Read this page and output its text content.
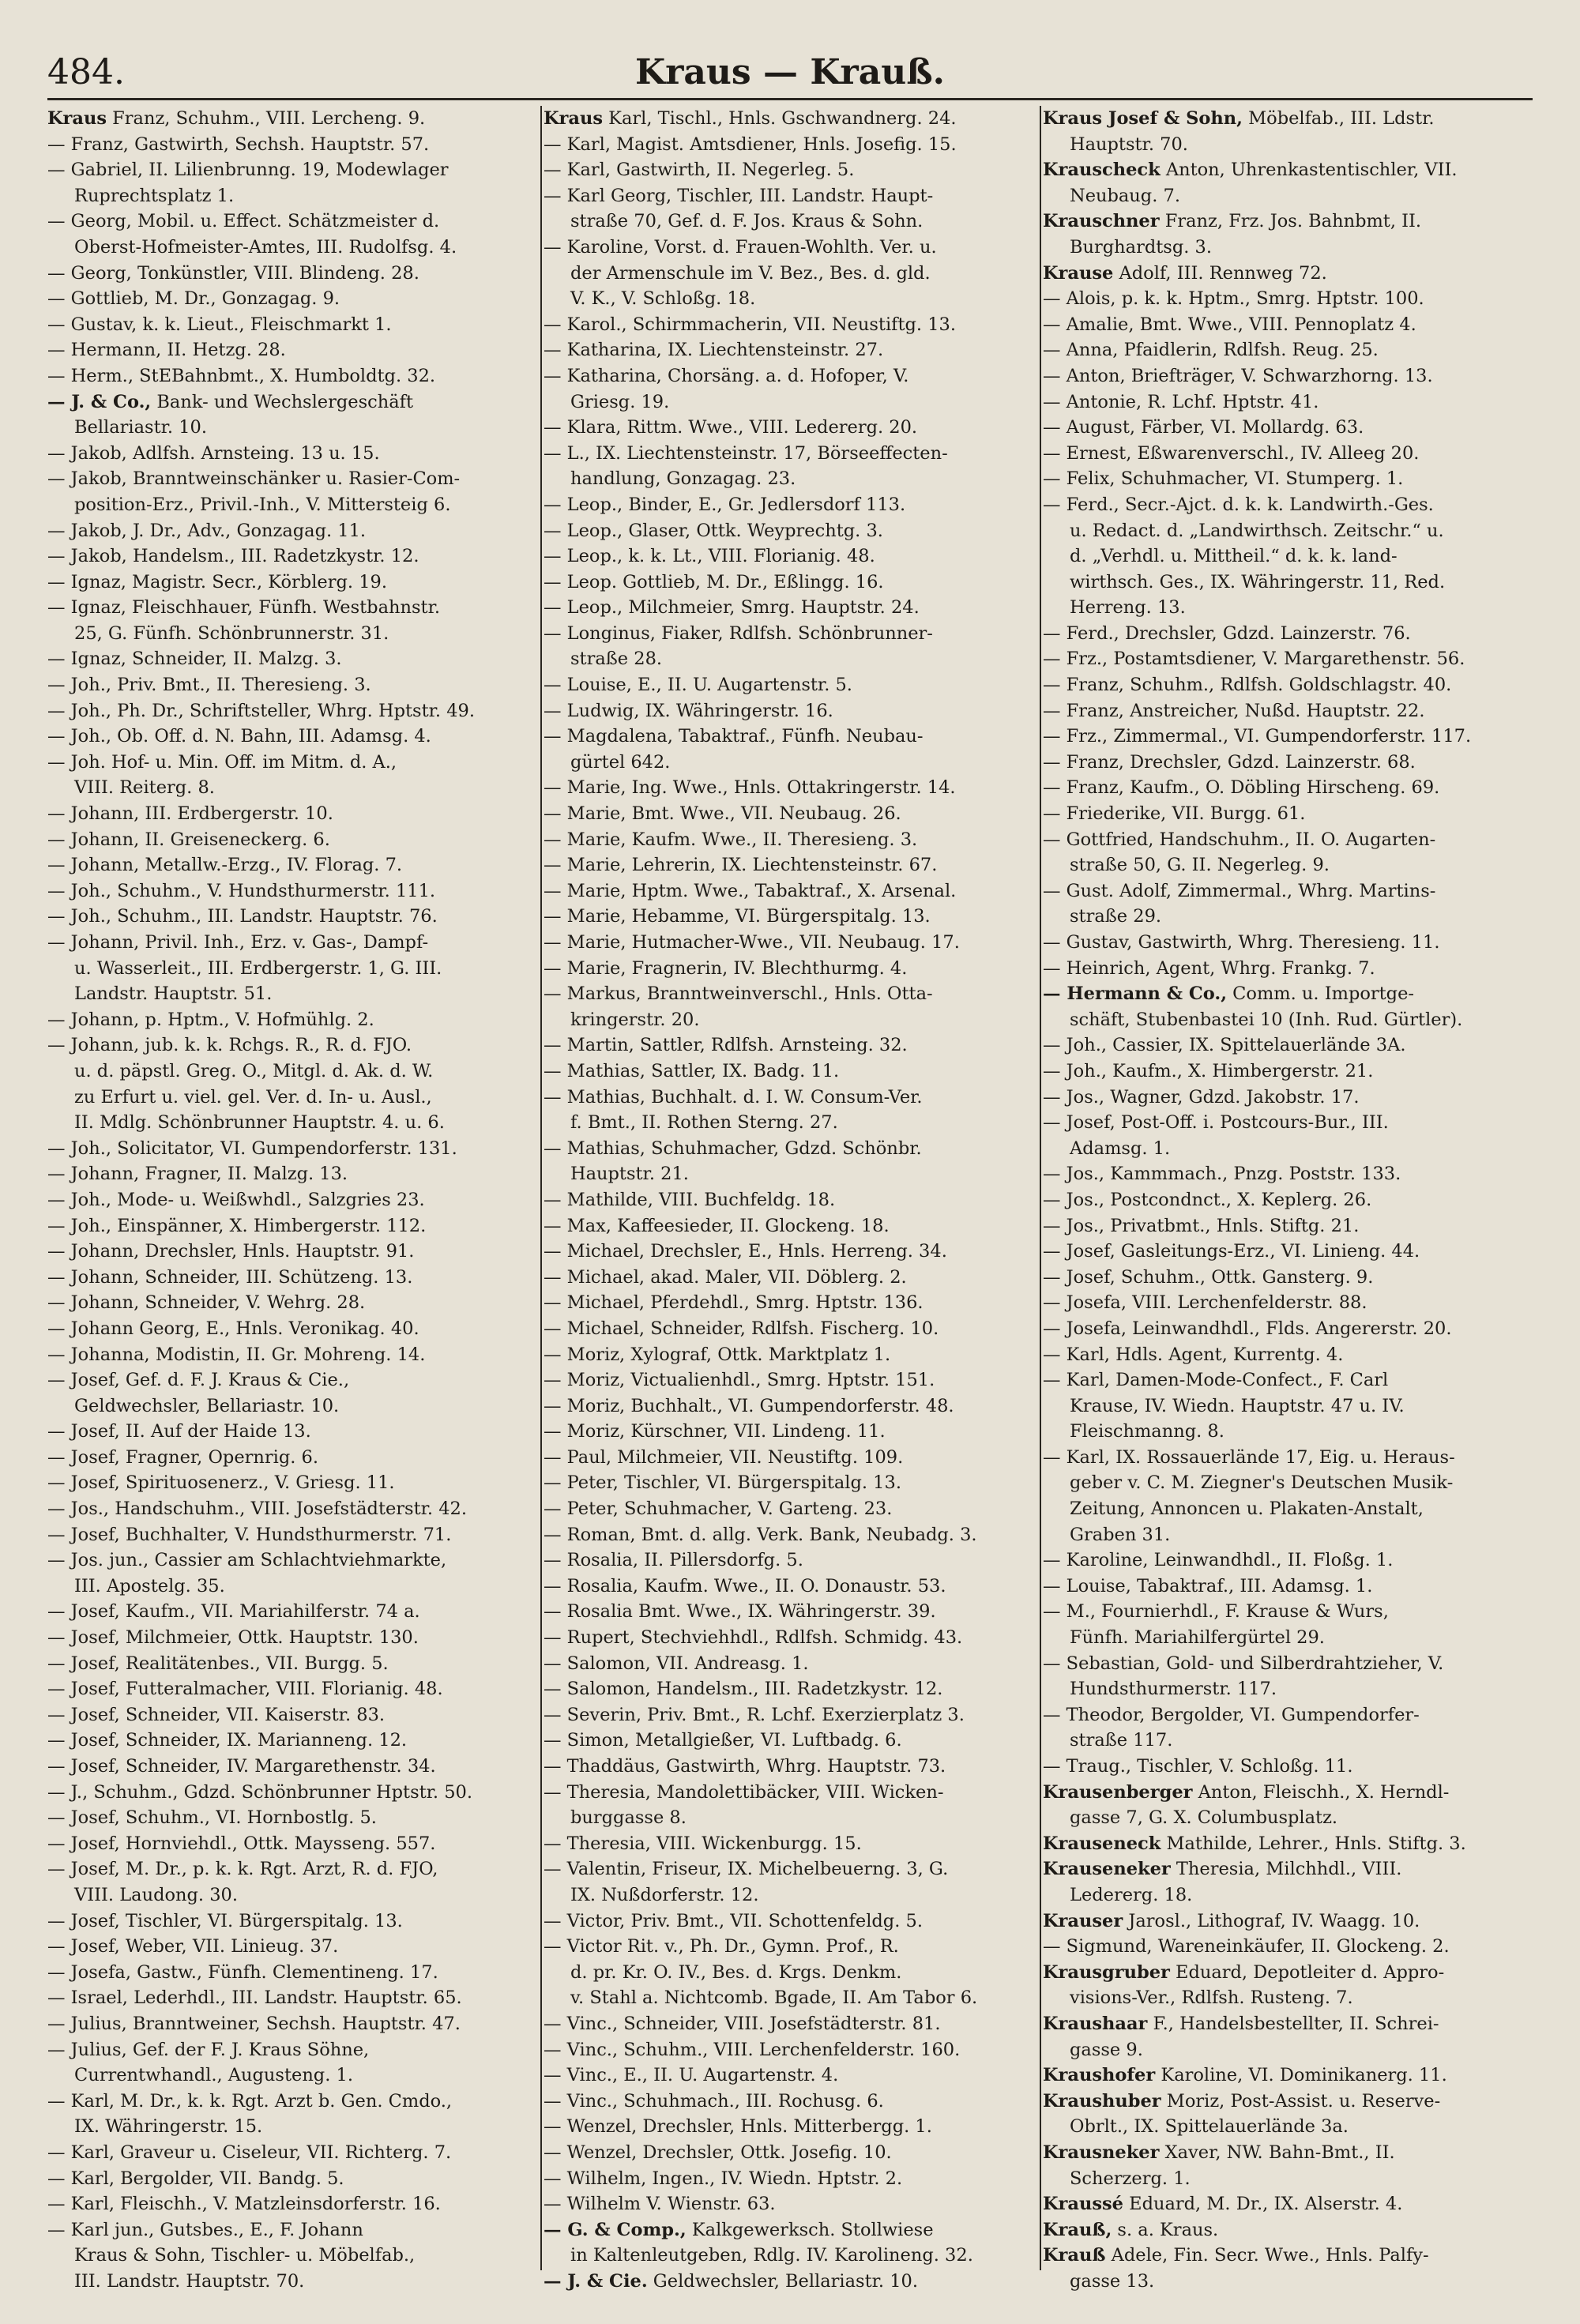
Kraus — Krauß.
484.
Kraus Franz, Schuhm., VIII. Lercheng. 9.
— Franz, Gastwirth, Sechsh. Hauptstr. 57.
— Gabriel, II. Lilienbrunng. 19, Modewlager
Ruprechtsplatz 1.
— Georg, Mobil. u. Effect. Schätzmeister d.
Oberst-Hofmeister-Amtes, III. Rudolfsg. 4.
— Georg, Tonkünstler, VIII. Blindeng. 28.
— Gottlieb, M. Dr., Gonzagag. 9.
— Gustav, k. k. Lieut., Fleischmarkt 1.
— Hermann, II. Hetzg. 28.
— Herm., StEBahnbmt., X. Humboldtg. 32.
— J. & Co., Bank- und Wechslergeschäft
Bellariastr. 10.
— Jakob, Adlfsh. Arnsteing. 13 u. 15.
— Jakob, Branntweinschänker u. Rasier-Com-
position-Erz., Privil.-Inh., V. Mittersteig 6.
— Jakob, J. Dr., Adv., Gonzagag. 11.
— Jakob, Handelsm., III. Radetzkystr. 12.
— Ignaz, Magistr. Secr., Körblerg. 19.
— Ignaz, Fleischhauer, Fünfh. Westbahnstr.
25, G. Fünfh. Schönbrunnerstr. 31.
— Ignaz, Schneider, II. Malzg. 3.
— Joh., Priv. Bmt., II. Theresieng. 3.
— Joh., Ph. Dr., Schriftsteller, Whrg. Hptstr. 49.
— Joh., Ob. Off. d. N. Bahn, III. Adamsg. 4.
— Joh. Hof- u. Min. Off. im Mitm. d. A.,
VIII. Reiterg. 8.
— Johann, III. Erdbergerstr. 10.
— Johann, II. Greiseneckerg. 6.
— Johann, Metallw.-Erzg., IV. Florag. 7.
— Joh., Schuhm., V. Hundsthurmerstr. 111.
— Joh., Schuhm., III. Landstr. Hauptstr. 76.
— Johann, Privil. Inh., Erz. v. Gas-, Dampf-
u. Wasserleit., III. Erdbergerstr. 1, G. III.
Landstr. Hauptstr. 51.
— Johann, p. Hptm., V. Hofmühlg. 2.
— Johann, jub. k. k. Rchgs. R., R. d. FJO.
u. d. päpstl. Greg. O., Mitgl. d. Ak. d. W.
zu Erfurt u. viel. gel. Ver. d. In- u. Ausl.,
II. Mdlg. Schönbrunner Hauptstr. 4. u. 6.
— Joh., Solicitator, VI. Gumpendorferstr. 131.
— Johann, Fragner, II. Malzg. 13.
— Joh., Mode- u. Weißwhdl., Salzgries 23.
— Joh., Einspänner, X. Himbergerstr. 112.
— Johann, Drechsler, Hnls. Hauptstr. 91.
— Johann, Schneider, III. Schützeng. 13.
— Johann, Schneider, V. Wehrg. 28.
— Johann Georg, E., Hnls. Veronikag. 40.
— Johanna, Modistin, II. Gr. Mohreng. 14.
— Josef, Gef. d. F. J. Kraus & Cie.,
Geldwechsler, Bellariastr. 10.
— Josef, II. Auf der Haide 13.
— Josef, Fragner, Opernrig. 6.
— Josef, Spirituosenerz., V. Griesg. 11.
— Jos., Handschuhm., VIII. Josefstädterstr. 42.
— Josef, Buchhalter, V. Hundsthurmerstr. 71.
— Jos. jun., Cassier am Schlachtviehmarkte,
III. Apostelg. 35.
— Josef, Kaufm., VII. Mariahilferstr. 74 a.
— Josef, Milchmeier, Ottk. Hauptstr. 130.
— Josef, Realitätenbes., VII. Burgg. 5.
— Josef, Futteralmacher, VIII. Florianig. 48.
— Josef, Schneider, VII. Kaiserstr. 83.
— Josef, Schneider, IX. Marianneng. 12.
— Josef, Schneider, IV. Margarethenstr. 34.
— J., Schuhm., Gdzd. Schönbrunner Hptstr. 50.
— Josef, Schuhm., VI. Hornbostlg. 5.
— Josef, Hornviehdl., Ottk. Maysseng. 557.
— Josef, M. Dr., p. k. k. Rgt. Arzt, R. d. FJO,
VIII. Laudong. 30.
— Josef, Tischler, VI. Bürgerspitalg. 13.
— Josef, Weber, VII. Linieug. 37.
— Josefa, Gastw., Fünfh. Clementineng. 17.
— Israel, Lederhdl., III. Landstr. Hauptstr. 65.
— Julius, Branntweiner, Sechsh. Hauptstr. 47.
— Julius, Gef. der F. J. Kraus Söhne,
Currentwhandl., Augusteng. 1.
— Karl, M. Dr., k. k. Rgt. Arzt b. Gen. Cmdo.,
IX. Währingerstr. 15.
— Karl, Graveur u. Ciseleur, VII. Richterg. 7.
— Karl, Bergolder, VII. Bandg. 5.
— Karl, Fleischh., V. Matzleinsdorferstr. 16.
— Karl jun., Gutsbes., E., F. Johann
Kraus & Sohn, Tischler- u. Möbelfab.,
III. Landstr. Hauptstr. 70.
Kraus Karl, Tischl., Hnls. Gschwandnerg. 24.
— Karl, Magist. Amtsdiener, Hnls. Josefig. 15.
— Karl, Gastwirth, II. Negerleg. 5.
— Karl Georg, Tischler, III. Landstr. Haupt-
straße 70, Gef. d. F. Jos. Kraus & Sohn.
— Karoline, Vorst. d. Frauen-Wohlth. Ver. u.
der Armenschule im V. Bez., Bes. d. gld.
V. K., V. Schloßg. 18.
— Karol., Schirmmacherin, VII. Neustiftg. 13.
— Katharina, IX. Liechtensteinstr. 27.
— Katharina, Chorsäng. a. d. Hofoper, V.
Griesg. 19.
— Klara, Rittm. Wwe., VIII. Ledererg. 20.
— L., IX. Liechtensteinstr. 17, Börseeffecten-
handlung, Gonzagag. 23.
— Leop., Binder, E., Gr. Jedlersdorf 113.
— Leop., Glaser, Ottk. Weyprechtg. 3.
— Leop., k. k. Lt., VIII. Florianig. 48.
— Leop. Gottlieb, M. Dr., Eßlingg. 16.
— Leop., Milchmeier, Smrg. Hauptstr. 24.
— Longinus, Fiaker, Rdlfsh. Schönbrunner-
straße 28.
— Louise, E., II. U. Augartenstr. 5.
— Ludwig, IX. Währingerstr. 16.
— Magdalena, Tabaktraf., Fünfh. Neubau-
gürtel 642.
— Marie, Ing. Wwe., Hnls. Ottakringerstr. 14.
— Marie, Bmt. Wwe., VII. Neubaug. 26.
— Marie, Kaufm. Wwe., II. Theresieng. 3.
— Marie, Lehrerin, IX. Liechtensteinstr. 67.
— Marie, Hptm. Wwe., Tabaktraf., X. Arsenal.
— Marie, Hebamme, VI. Bürgerspitalg. 13.
— Marie, Hutmacher-Wwe., VII. Neubaug. 17.
— Marie, Fragnerin, IV. Blechthurmg. 4.
— Markus, Branntweinverschl., Hnls. Otta-
kringerstr. 20.
— Martin, Sattler, Rdlfsh. Arnsteing. 32.
— Mathias, Sattler, IX. Badg. 11.
— Mathias, Buchhalt. d. I. W. Consum-Ver.
f. Bmt., II. Rothen Sterng. 27.
— Mathias, Schuhmacher, Gdzd. Schönbr.
Hauptstr. 21.
— Mathilde, VIII. Buchfeldg. 18.
— Max, Kaffeesieder, II. Glockeng. 18.
— Michael, Drechsler, E., Hnls. Herreng. 34.
— Michael, akad. Maler, VII. Döblerg. 2.
— Michael, Pferdehdl., Smrg. Hptstr. 136.
— Michael, Schneider, Rdlfsh. Fischerg. 10.
— Moriz, Xylograf, Ottk. Marktplatz 1.
— Moriz, Victualienhdl., Smrg. Hptstr. 151.
— Moriz, Buchhalt., VI. Gumpendorferstr. 48.
— Moriz, Kürschner, VII. Lindeng. 11.
— Paul, Milchmeier, VII. Neustiftg. 109.
— Peter, Tischler, VI. Bürgerspitalg. 13.
— Peter, Schuhmacher, V. Garteng. 23.
— Roman, Bmt. d. allg. Verk. Bank, Neubadg. 3.
— Rosalia, II. Pillersdorfg. 5.
— Rosalia, Kaufm. Wwe., II. O. Donaustr. 53.
— Rosalia Bmt. Wwe., IX. Währingerstr. 39.
— Rupert, Stechviehhdl., Rdlfsh. Schmidg. 43.
— Salomon, VII. Andreasg. 1.
— Salomon, Handelsm., III. Radetzkystr. 12.
— Severin, Priv. Bmt., R. Lchf. Exerzierplatz 3.
— Simon, Metallgießer, VI. Luftbadg. 6.
— Thaddäus, Gastwirth, Whrg. Hauptstr. 73.
— Theresia, Mandolettibäcker, VIII. Wicken-
burggasse 8.
— Theresia, VIII. Wickenburgg. 15.
— Valentin, Friseur, IX. Michelbeuerng. 3, G.
IX. Nußdorferstr. 12.
— Victor, Priv. Bmt., VII. Schottenfeldg. 5.
— Victor Rit. v., Ph. Dr., Gymn. Prof., R.
d. pr. Kr. O. IV., Bes. d. Krgs. Denkm.
v. Stahl a. Nichtcomb. Bgade, II. Am Tabor 6.
— Vinc., Schneider, VIII. Josefstädterstr. 81.
— Vinc., Schuhm., VIII. Lerchenfelderstr. 160.
— Vinc., E., II. U. Augartenstr. 4.
— Vinc., Schuhmach., III. Rochusg. 6.
— Wenzel, Drechsler, Hnls. Mitterbergg. 1.
— Wenzel, Drechsler, Ottk. Josefig. 10.
— Wilhelm, Ingen., IV. Wiedn. Hptstr. 2.
— Wilhelm V. Wienstr. 63.
— G. & Comp., Kalkgewerksch. Stollwiese
in Kaltenleutgeben, Rdlg. IV. Karolineng. 32.
— J. & Cie. Geldwechsler, Bellariastr. 10.
Kraus Josef & Sohn, Möbelfab., III. Ldstr.
Hauptstr. 70.
Krauscheck Anton, Uhrenkastentischler, VII.
Neubaug. 7.
Krauschner Franz, Frz. Jos. Bahnbmt, II.
Burghardtsg. 3.
Krause Adolf, III. Rennweg 72.
— Alois, p. k. k. Hptm., Smrg. Hptstr. 100.
— Amalie, Bmt. Wwe., VIII. Pennoplatz 4.
— Anna, Pfaidlerin, Rdlfsh. Reug. 25.
— Anton, Briefträger, V. Schwarzhorng. 13.
— Antonie, R. Lchf. Hptstr. 41.
— August, Färber, VI. Mollardg. 63.
— Ernest, Eßwarenverschl., IV. Alleeg 20.
— Felix, Schuhmacher, VI. Stumperg. 1.
— Ferd., Secr.-Ajct. d. k. k. Landwirth.-Ges.
u. Redact. d. „Landwirthsch. Zeitschr.“ u.
d. „Verhdl. u. Mittheil.“ d. k. k. land-
wirthsch. Ges., IX. Währingerstr. 11, Red.
Herreng. 13.
— Ferd., Drechsler, Gdzd. Lainzerstr. 76.
— Frz., Postamtsdiener, V. Margarethenstr. 56.
— Franz, Schuhm., Rdlfsh. Goldschlagstr. 40.
— Franz, Anstreicher, Nußd. Hauptstr. 22.
— Frz., Zimmermal., VI. Gumpendorferstr. 117.
— Franz, Drechsler, Gdzd. Lainzerstr. 68.
— Franz, Kaufm., O. Döbling Hirscheng. 69.
— Friederike, VII. Burgg. 61.
— Gottfried, Handschuhm., II. O. Augarten-
straße 50, G. II. Negerleg. 9.
— Gust. Adolf, Zimmermal., Whrg. Martins-
straße 29.
— Gustav, Gastwirth, Whrg. Theresieng. 11.
— Heinrich, Agent, Whrg. Frankg. 7.
— Hermann & Co., Comm. u. Importge-
schäft, Stubenbastei 10 (Inh. Rud. Gürtler).
— Joh., Cassier, IX. Spittelauerlände 3A.
— Joh., Kaufm., X. Himbergerstr. 21.
— Jos., Wagner, Gdzd. Jakobstr. 17.
— Josef, Post-Off. i. Postcours-Bur., III.
Adamsg. 1.
— Jos., Kammmach., Pnzg. Poststr. 133.
— Jos., Postcondnct., X. Keplerg. 26.
— Jos., Privatbmt., Hnls. Stiftg. 21.
— Josef, Gasleitungs-Erz., VI. Linieng. 44.
— Josef, Schuhm., Ottk. Gansterg. 9.
— Josefa, VIII. Lerchenfelderstr. 88.
— Josefa, Leinwandhdl., Flds. Angererstr. 20.
— Karl, Hdls. Agent, Kurrentg. 4.
— Karl, Damen-Mode-Confect., F. Carl
Krause, IV. Wiedn. Hauptstr. 47 u. IV.
Fleischmanng. 8.
— Karl, IX. Rossauerlände 17, Eig. u. Heraus-
geber v. C. M. Ziegner's Deutschen Musik-
Zeitung, Annoncen u. Plakaten-Anstalt,
Graben 31.
— Karoline, Leinwandhdl., II. Floßg. 1.
— Louise, Tabaktraf., III. Adamsg. 1.
— M., Fournierhdl., F. Krause & Wurs,
Fünfh. Mariahilfergürtel 29.
— Sebastian, Gold- und Silberdrahtzieher, V.
Hundsthurmerstr. 117.
— Theodor, Bergolder, VI. Gumpendorfer-
straße 117.
— Traug., Tischler, V. Schloßg. 11.
Krausenberger Anton, Fleischh., X. Herndl-
gasse 7, G. X. Columbusplatz.
Krauseneck Mathilde, Lehrer., Hnls. Stiftg. 3.
Krauseneker Theresia, Milchhdl., VIII.
Ledererg. 18.
Krauser Jarosl., Lithograf, IV. Waagg. 10.
— Sigmund, Wareneinkäufer, II. Glockeng. 2.
Krausgruber Eduard, Depotleiter d. Appro-
visions-Ver., Rdlfsh. Rusteng. 7.
Kraushaar F., Handelsbestellter, II. Schrei-
gasse 9.
Kraushofer Karoline, VI. Dominikanerg. 11.
Kraushuber Moriz, Post-Assist. u. Reserve-
Obrlt., IX. Spittelauerlände 3a.
Krausneker Xaver, NW. Bahn-Bmt., II.
Scherzerg. 1.
Kraussé Eduard, M. Dr., IX. Alserstr. 4.
Krauß, s. a. Kraus.
Krauß Adele, Fin. Secr. Wwe., Hnls. Palfy-
gasse 13.
